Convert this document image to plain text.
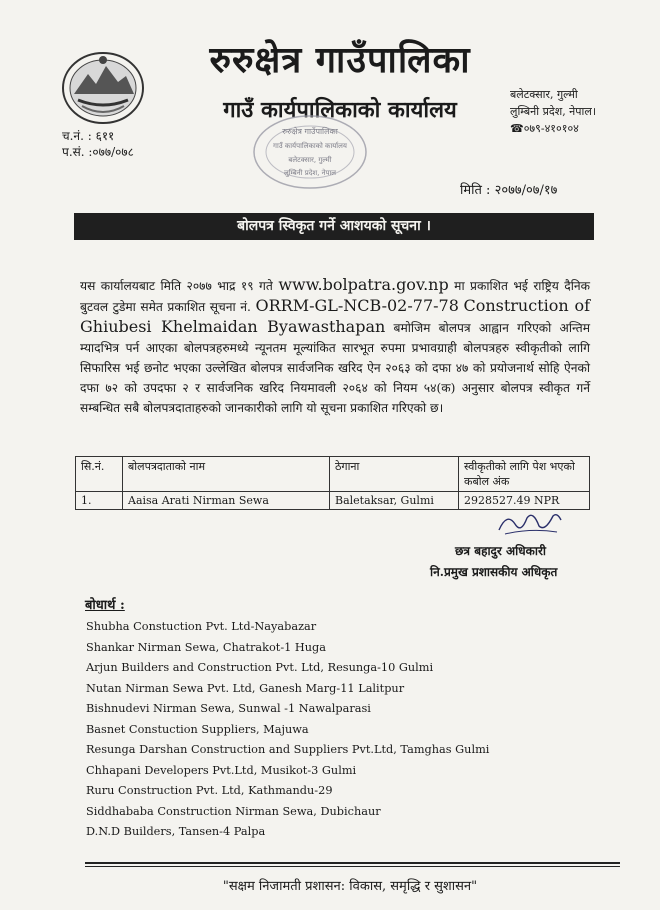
रुरुक्षेत्र गाउँपालिका
गाउँ कार्यपालिकाको कार्यालय
बलेटक्सार, गुल्मी
लुम्बिनी प्रदेश, नेपाल।
☎०७९-४१०१०४
च.नं. : ६११
प.सं. :०७७/०७८
रुरुक्षेत्र गाउँपालिका
गाउँ कार्यपालिकाको कार्यालय
बलेटक्सार, गुल्मी
लुम्बिनी प्रदेश, नेपाल
मिति : २०७७/०७/१७
बोलपत्र स्विकृत गर्ने आशयको सूचना ।
यस कार्यालयबाट मिति २०७७ भाद्र १९ गते www.bolpatra.gov.np मा प्रकाशित भई राष्ट्रिय दैनिक बुटवल टुडेमा समेत प्रकाशित सूचना नं. ORRM-GL-NCB-02-77-78 Construction of Ghiubesi Khelmaidan Byawasthapan बमोजिम बोलपत्र आह्वान गरिएको अन्तिम म्यादभित्र पर्न आएका बोलपत्रहरुमध्ये न्यूनतम मूल्यांकित सारभूत रुपमा प्रभावग्राही बोलपत्रहरु स्वीकृतीको लागि सिफारिस भई छनोट भएका उल्लेखित बोलपत्र सार्वजनिक खरिद ऐन २०६३ को दफा ४७ को प्रयोजनार्थ सोहि ऐनको दफा ७२ को उपदफा २ र सार्वजनिक खरिद नियमावली २०६४ को नियम ५४(क) अनुसार बोलपत्र स्वीकृत गर्ने सम्बन्धित सबै बोलपत्रदाताहरुको जानकारीको लागि यो सूचना प्रकाशित गरिएको छ।
सि.नं.	बोलपत्रदाताको नाम	ठेगाना	स्वीकृतीको लागि पेश भएको कबोल अंक
1.	Aaisa Arati Nirman Sewa	Baletaksar, Gulmi	2928527.49 NPR
छत्र बहादुर अधिकारी
नि.प्रमुख प्रशासकीय अधिकृत
बोधार्थ :
Shubha Constuction Pvt. Ltd-Nayabazar
Shankar Nirman Sewa, Chatrakot-1 Huga
Arjun Builders and Construction Pvt. Ltd, Resunga-10 Gulmi
Nutan Nirman Sewa Pvt. Ltd, Ganesh Marg-11 Lalitpur
Bishnudevi Nirman Sewa, Sunwal -1 Nawalparasi
Basnet Constuction Suppliers, Majuwa
Resunga Darshan Construction and Suppliers Pvt.Ltd, Tamghas Gulmi
Chhapani Developers Pvt.Ltd, Musikot-3 Gulmi
Ruru Construction Pvt. Ltd, Kathmandu-29
Siddhababa Construction Nirman Sewa, Dubichaur
D.N.D Builders, Tansen-4 Palpa
"सक्षम निजामती प्रशासन: विकास, समृद्धि र सुशासन"
